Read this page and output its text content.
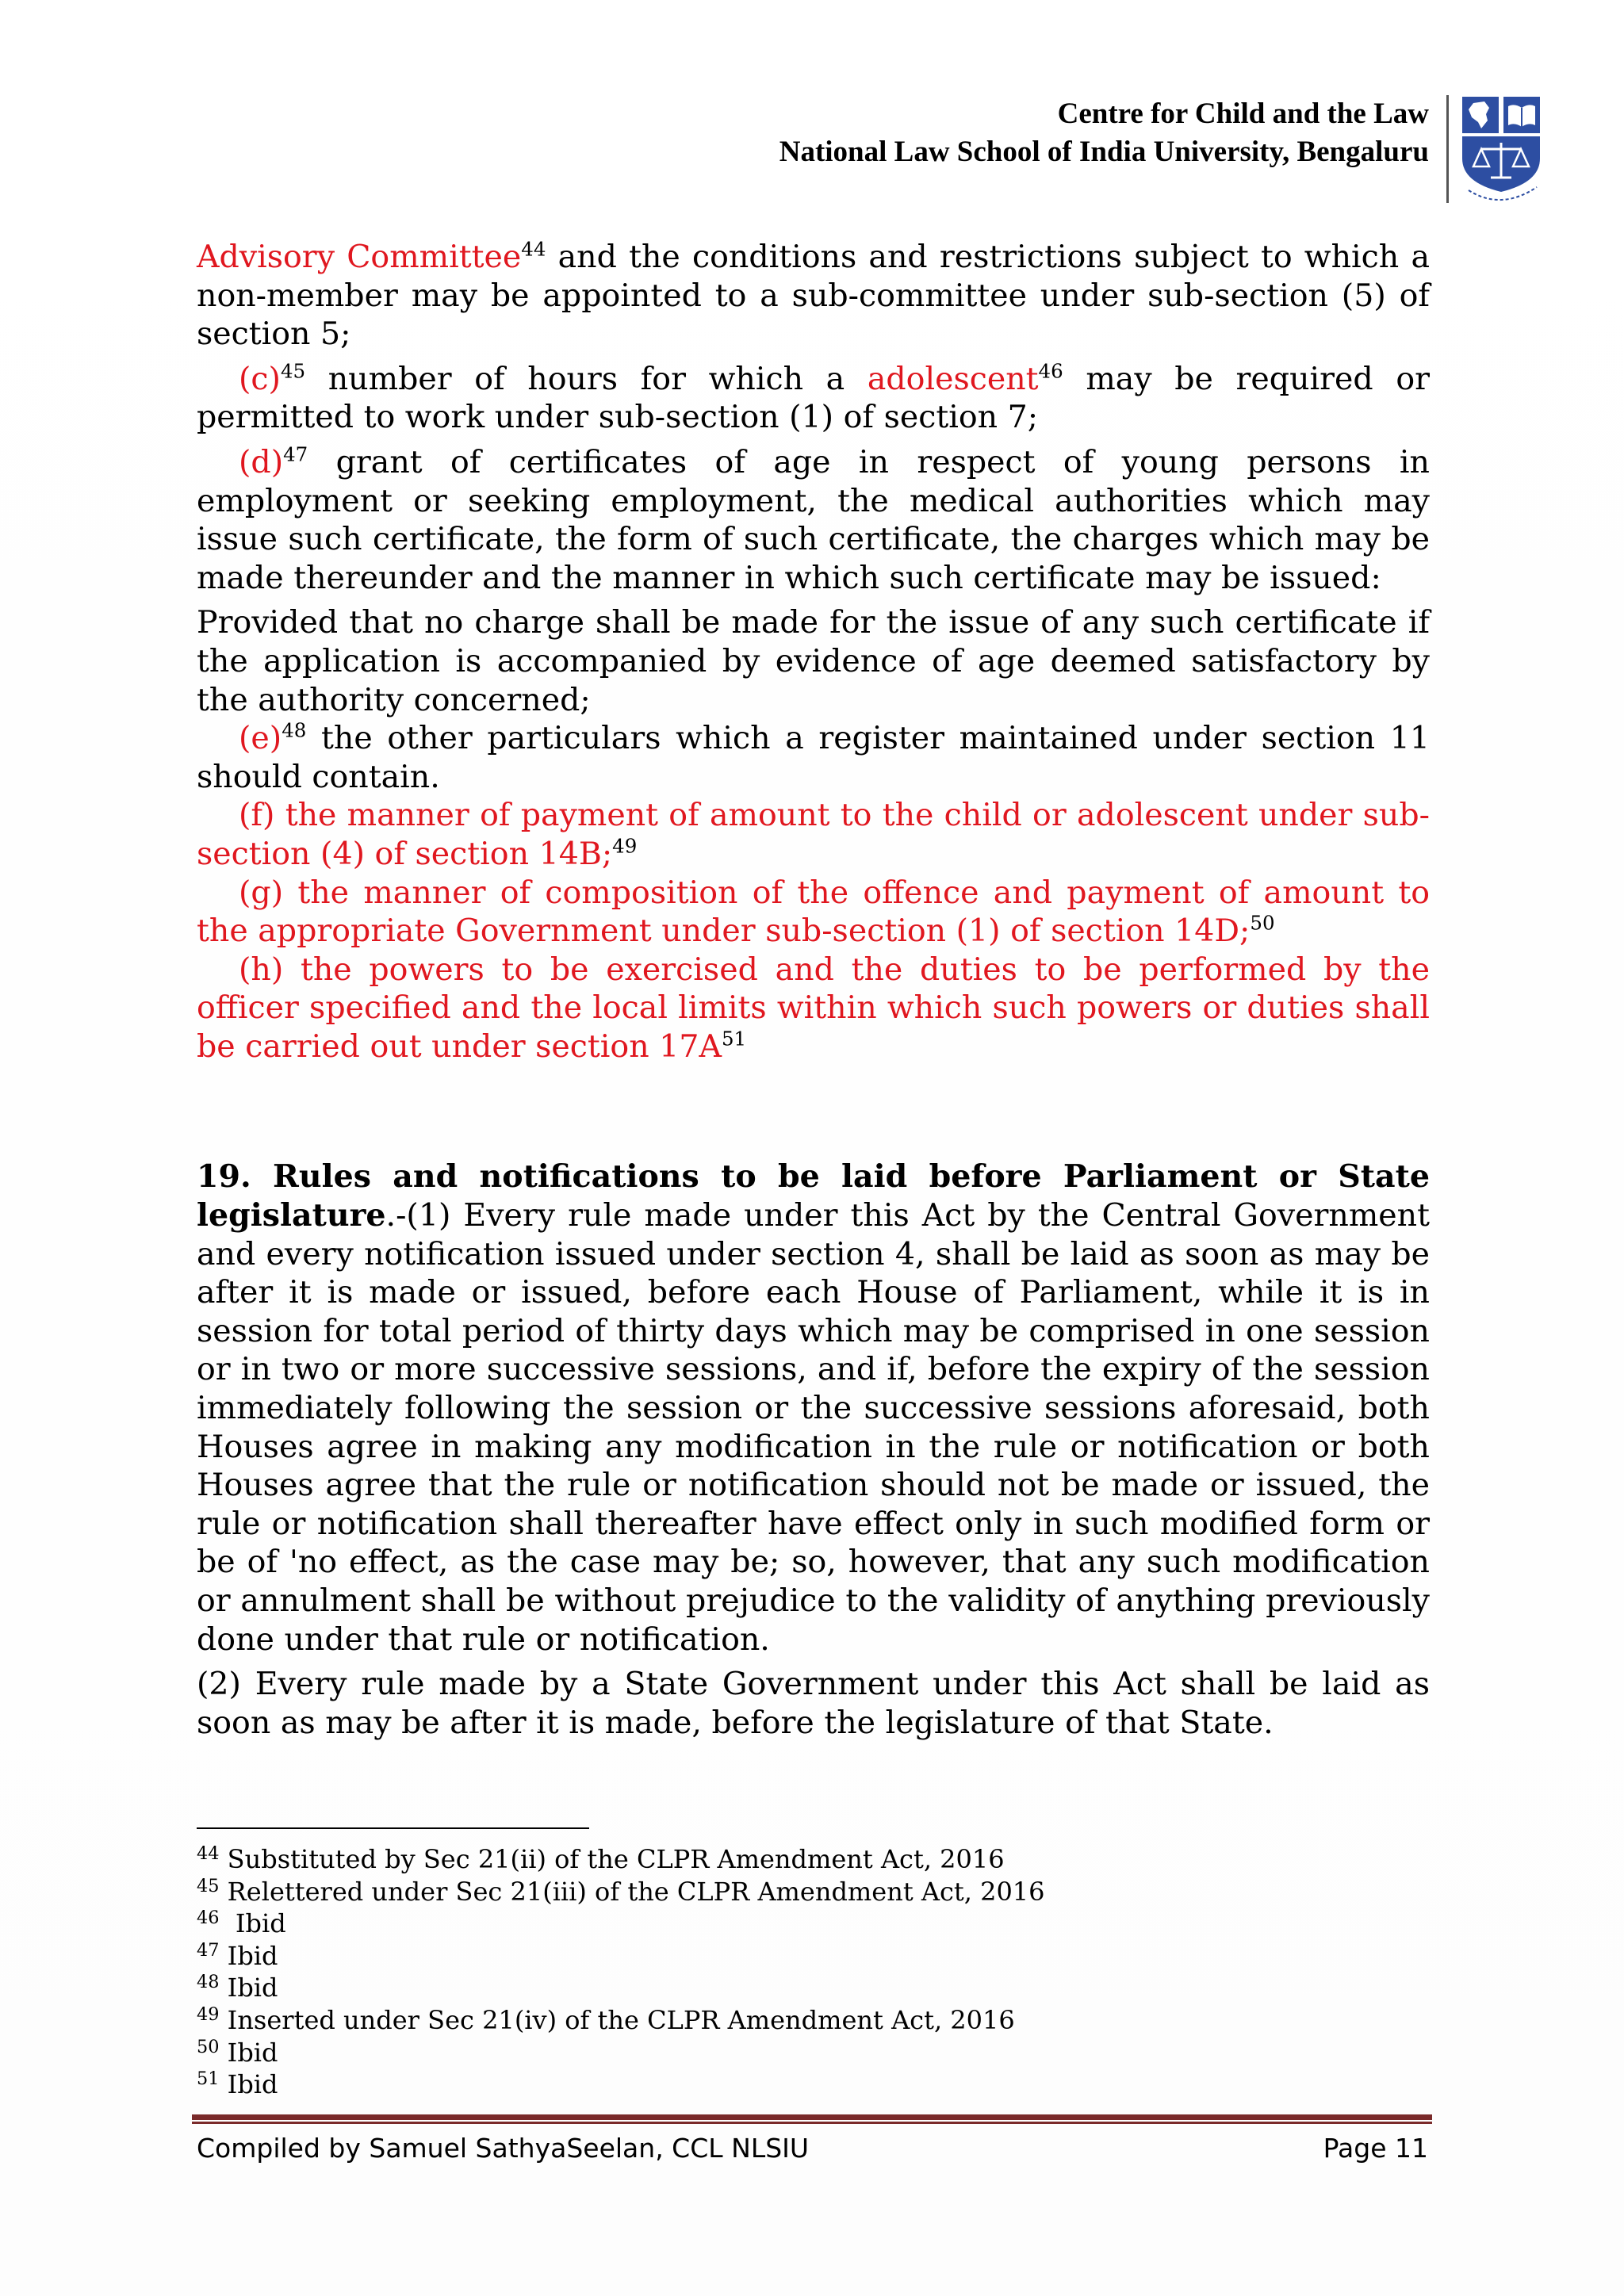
Centre for Child and the Law
National Law School of India University, Bengaluru

Advisory Committee$^{44}$ and the conditions and restrictions subject to which a non-member may be appointed to a sub-committee under sub-section (5) of section 5;

$(c)^{45}$ number of hours for which a adolescent$^{46}$ may be required or permitted to work under sub-section (1) of section 7;

$(d)^{47}$ grant of certificates of age in respect of young persons in employment or seeking employment, the medical authorities which may issue such certificate, the form of such certificate, the charges which may be made thereunder and the manner in which such certificate may be issued:

Provided that no charge shall be made for the issue of any such certificate if the application is accompanied by evidence of age deemed satisfactory by the authority concerned;

$(e)^{48}$ the other particulars which a register maintained under section 11 should contain.

(f) the manner of payment of amount to the child or adolescent under sub-section (4) of section 14B;$^{49}$

(g) the manner of composition of the offence and payment of amount to the appropriate Government under sub-section (1) of section 14D;$^{50}$

(h) the powers to be exercised and the duties to be performed by the officer specified and the local limits within which such powers or duties shall be carried out under section $17A^{51}$

19. Rules and notifications to be laid before Parliament or State legislature.-(1) Every rule made under this Act by the Central Government and every notification issued under section 4, shall be laid as soon as may be after it is made or issued, before each House of Parliament, while it is in session for total period of thirty days which may be comprised in one session or in two or more successive sessions, and if, before the expiry of the session immediately following the session or the successive sessions aforesaid, both Houses agree in making any modification in the rule or notification or both Houses agree that the rule or notification should not be made or issued, the rule or notification shall thereafter have effect only in such modified form or be of 'no effect, as the case may be; so, however, that any such modification or annulment shall be without prejudice to the validity of anything previously done under that rule or notification.

(2) Every rule made by a State Government under this Act shall be laid as soon as may be after it is made, before the legislature of that State.

$^{44}$ Substituted by Sec 21(ii) of the CLPR Amendment Act, 2016
$^{45}$ Relettered under Sec 21(iii) of the CLPR Amendment Act, 2016
$^{46}$  Ibid
$^{47}$ Ibid
$^{48}$ Ibid
$^{49}$ Inserted under Sec 21(iv) of the CLPR Amendment Act, 2016
$^{50}$ Ibid
$^{51}$ Ibid
Compiled by Samuel SathyaSeelan, CCL NLSIU	Page 11
